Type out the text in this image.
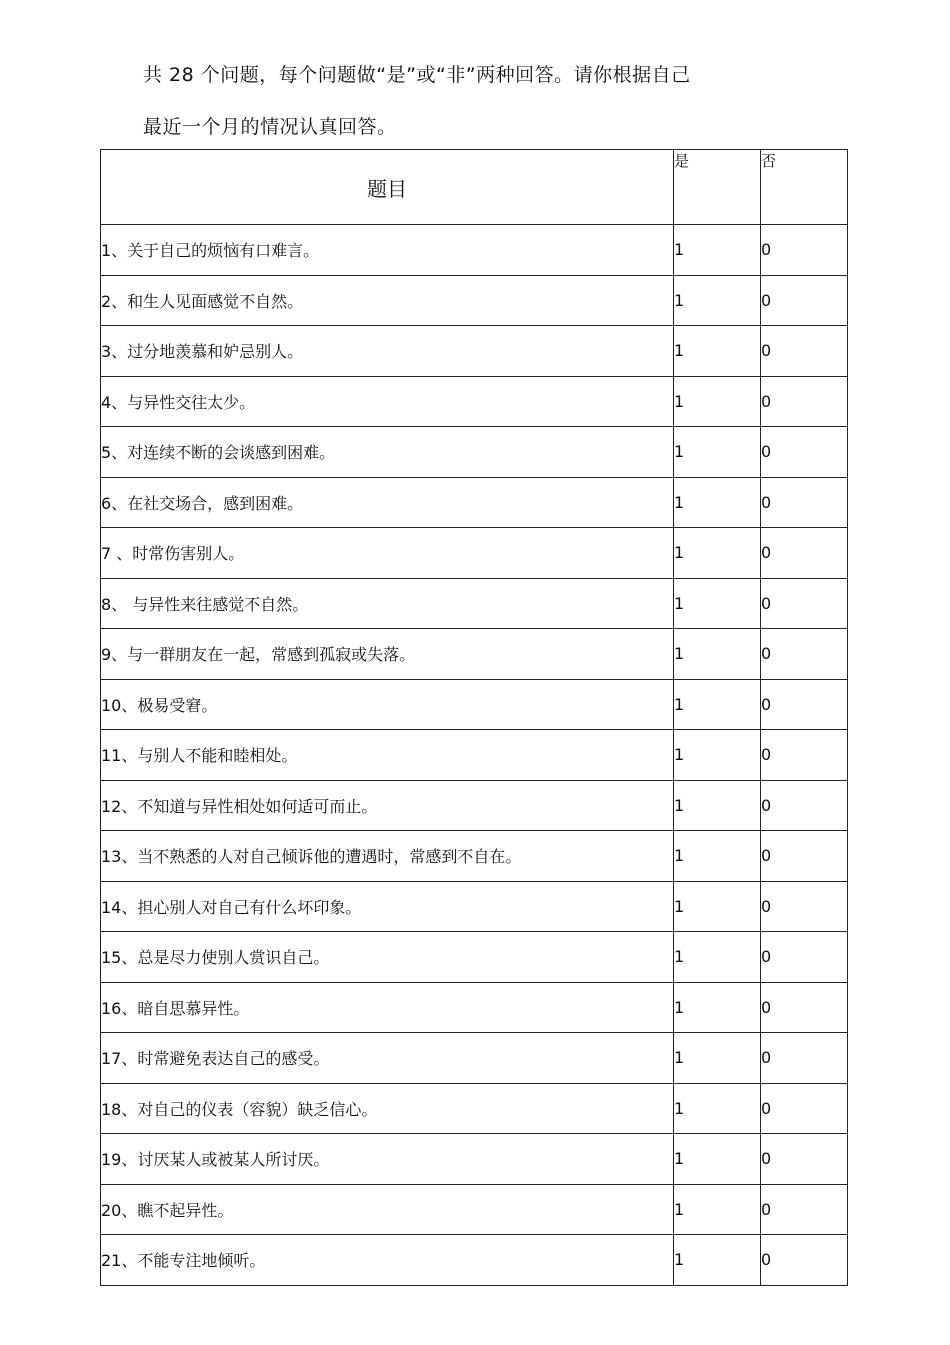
共 28 个问题，每个问题做“是”或“非”两种回答。请你根据自己
最近一个月的情况认真回答。
题目	是	否
1、关于自己的烦恼有口难言。	1	0
2、和生人见面感觉不自然。	1	0
3、过分地羡慕和妒忌别人。	1	0
4、与异性交往太少。	1	0
5、对连续不断的会谈感到困难。	1	0
6、在社交场合，感到困难。	1	0
7 、时常伤害别人。	1	0
8、 与异性来往感觉不自然。	1	0
9、与一群朋友在一起，常感到孤寂或失落。	1	0
10、极易受窘。	1	0
11、与别人不能和睦相处。	1	0
12、不知道与异性相处如何适可而止。	1	0
13、当不熟悉的人对自己倾诉他的遭遇时，常感到不自在。	1	0
14、担心别人对自己有什么坏印象。	1	0
15、总是尽力使别人赏识自己。	1	0
16、暗自思慕异性。	1	0
17、时常避免表达自己的感受。	1	0
18、对自己的仪表（容貌）缺乏信心。	1	0
19、讨厌某人或被某人所讨厌。	1	0
20、瞧不起异性。	1	0
21、不能专注地倾听。	1	0
